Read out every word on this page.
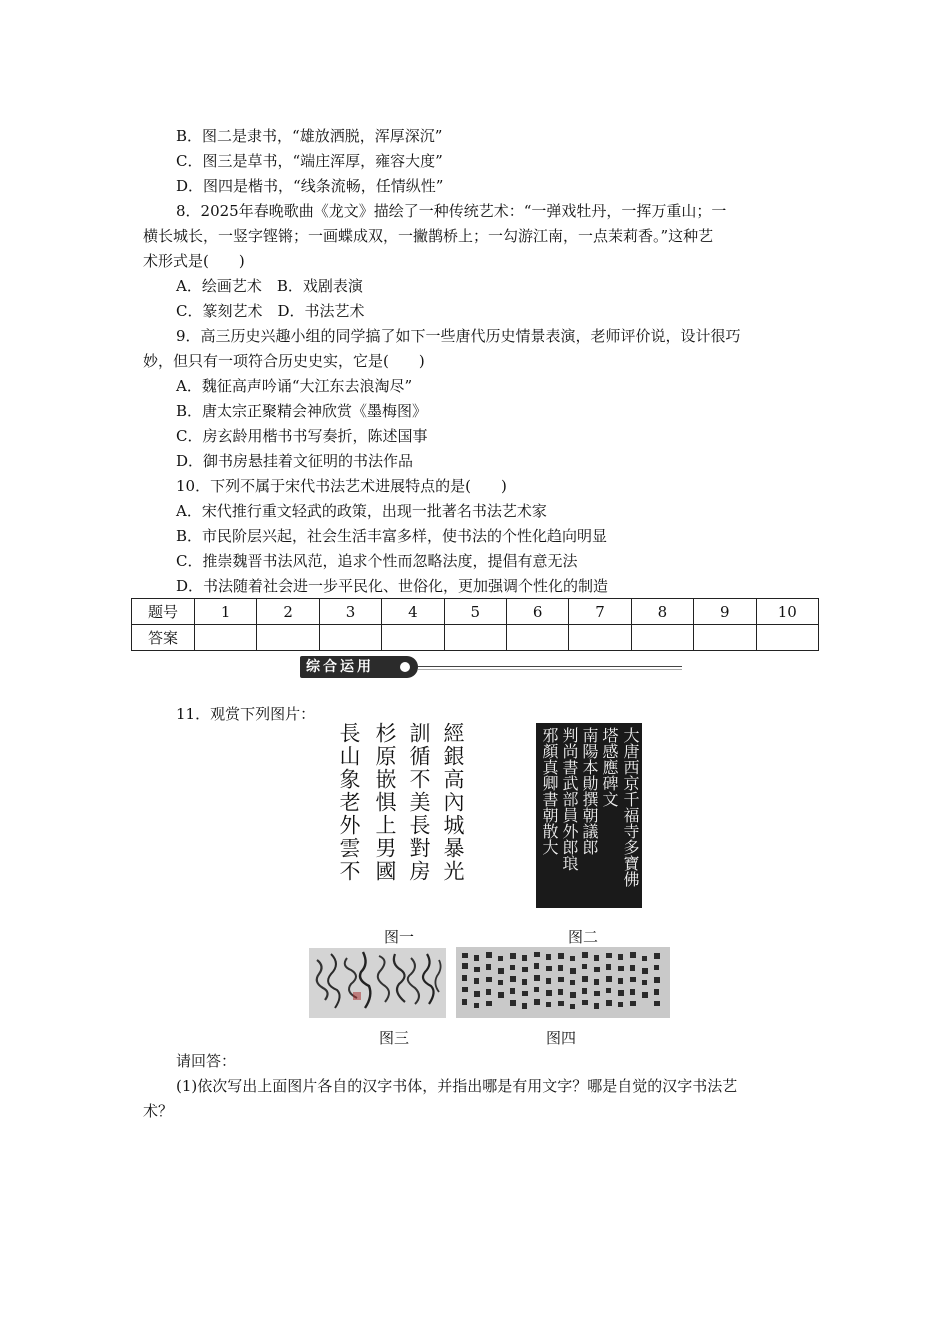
B．图二是隶书，“雄放洒脱，浑厚深沉”
C．图三是草书，“端庄浑厚，雍容大度”
D．图四是楷书，“线条流畅，任情纵性”
8．2025年春晚歌曲《龙文》描绘了一种传统艺术：“一弹戏牡丹，一挥万重山；一
横长城长，一竖字铿锵；一画蝶成双，一撇鹊桥上；一勾游江南，一点茉莉香。”这种艺
术形式是(　　)
A．绘画艺术　B．戏剧表演
C．篆刻艺术　D．书法艺术
9．高三历史兴趣小组的同学搞了如下一些唐代历史情景表演，老师评价说，设计很巧
妙，但只有一项符合历史史实，它是(　　)
A．魏征高声吟诵“大江东去浪淘尽”
B．唐太宗正聚精会神欣赏《墨梅图》
C．房玄龄用楷书书写奏折，陈述国事
D．御书房悬挂着文征明的书法作品
10．下列不属于宋代书法艺术进展特点的是(　　)
A．宋代推行重文轻武的政策，出现一批著名书法艺术家
B．市民阶层兴起，社会生活丰富多样，使书法的个性化趋向明显
C．推崇魏晋书法风范，追求个性而忽略法度，提倡有意无法
D．书法随着社会进一步平民化、世俗化，更加强调个性化的制造
题号	1	2	3	4	5	6	7	8	9	10
答案										
综合运用
11．观赏下列图片：
經銀高內城暴光
訓循不美長對房
杉原嵌惧上男國
長山象老外雲不
图一
大唐西京千福寺多寶佛
塔感應碑文
南陽本勛撰朝議郎
判尚書武部員外郎琅
邪顏真卿書朝散大
图二
图三	图四
请回答：
(1)依次写出上面图片各自的汉字书体，并指出哪是有用文字？哪是自觉的汉字书法艺
术？
